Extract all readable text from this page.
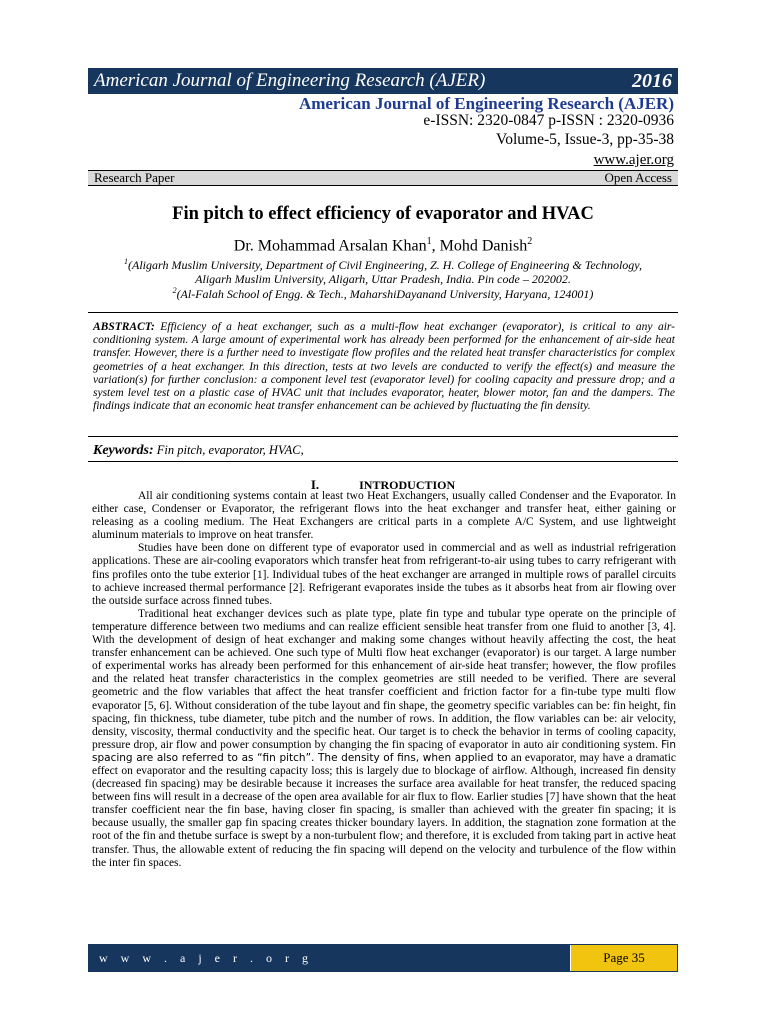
American Journal of Engineering Research (AJER)	2016
American Journal of Engineering Research (AJER)
e-ISSN: 2320-0847 p-ISSN : 2320-0936
Volume-5, Issue-3, pp-35-38
www.ajer.org
Research Paper	Open Access
Fin pitch to effect efficiency of evaporator and HVAC
Dr. Mohammad Arsalan Khan$^1$, Mohd Danish$^2$
$^1$(Aligarh Muslim University, Department of Civil Engineering, Z. H. College of Engineering & Technology,
Aligarh Muslim University, Aligarh, Uttar Pradesh, India. Pin code – 202002.
$^2$(Al-Falah School of Engg. & Tech., MaharshiDayanand University, Haryana, 124001)
ABSTRACT: Efficiency of a heat exchanger, such as a multi-flow heat exchanger (evaporator), is critical to any air-conditioning system. A large amount of experimental work has already been performed for the enhancement of air-side heat transfer. However, there is a further need to investigate flow profiles and the related heat transfer characteristics for complex geometries of a heat exchanger. In this direction, tests at two levels are conducted to verify the effect(s) and measure the variation(s) for further conclusion: a component level test (evaporator level) for cooling capacity and pressure drop; and a system level test on a plastic case of HVAC unit that includes evaporator, heater, blower motor, fan and the dampers. The findings indicate that an economic heat transfer enhancement can be achieved by fluctuating the fin density.
Keywords: Fin pitch, evaporator, HVAC,
I.	INTRODUCTION

All air conditioning systems contain at least two Heat Exchangers, usually called Condenser and the Evaporator. In either case, Condenser or Evaporator, the refrigerant flows into the heat exchanger and transfer heat, either gaining or releasing as a cooling medium. The Heat Exchangers are critical parts in a complete A/C System, and use lightweight aluminum materials to improve on heat transfer.

Studies have been done on different type of evaporator used in commercial and as well as industrial refrigeration applications. These are air-cooling evaporators which transfer heat from refrigerant-to-air using tubes to carry refrigerant with fins profiles onto the tube exterior [1]. Individual tubes of the heat exchanger are arranged in multiple rows of parallel circuits to achieve increased thermal performance [2]. Refrigerant evaporates inside the tubes as it absorbs heat from air flowing over the outside surface across finned tubes.

Traditional heat exchanger devices such as plate type, plate fin type and tubular type operate on the principle of temperature difference between two mediums and can realize efficient sensible heat transfer from one fluid to another [3, 4]. With the development of design of heat exchanger and making some changes without heavily affecting the cost, the heat transfer enhancement can be achieved. One such type of Multi flow heat exchanger (evaporator) is our target. A large number of experimental works has already been performed for this enhancement of air-side heat transfer; however, the flow profiles and the related heat transfer characteristics in the complex geometries are still needed to be verified. There are several geometric and the flow variables that affect the heat transfer coefficient and friction factor for a fin-tube type multi flow evaporator [5, 6]. Without consideration of the tube layout and fin shape, the geometry specific variables can be: fin height, fin spacing, fin thickness, tube diameter, tube pitch and the number of rows. In addition, the flow variables can be: air velocity, density, viscosity, thermal conductivity and the specific heat. Our target is to check the behavior in terms of cooling capacity, pressure drop, air flow and power consumption by changing the fin spacing of evaporator in auto air conditioning system. Fin spacing are also referred to as “fin pitch”. The density of fins, when applied to an evaporator, may have a dramatic effect on evaporator and the resulting capacity loss; this is largely due to blockage of airflow. Although, increased fin density (decreased fin spacing) may be desirable because it increases the surface area available for heat transfer, the reduced spacing between fins will result in a decrease of the open area available for air flux to flow. Earlier studies [7] have shown that the heat transfer coefficient near the fin base, having closer fin spacing, is smaller than achieved with the greater fin spacing; it is because usually, the smaller gap fin spacing creates thicker boundary layers. In addition, the stagnation zone formation at the root of the fin and thetube surface is swept by a non-turbulent flow; and therefore, it is excluded from taking part in active heat transfer. Thus, the allowable extent of reducing the fin spacing will depend on the velocity and turbulence of the flow within the inter fin spaces.

w w w . a j e r . o r g	Page 35
